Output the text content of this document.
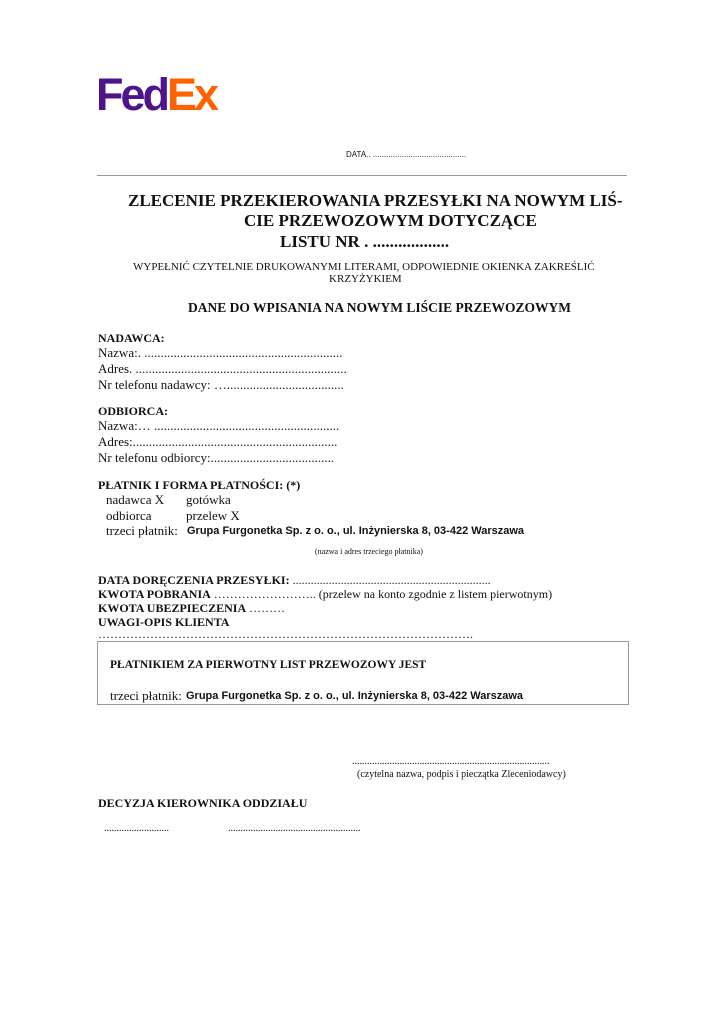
FedEx
DATA.. ..........................................
ZLECENIE PRZEKIEROWANIA PRZESYŁKI NA NOWYM LIŚ-
CIE PRZEWOZOWYM DOTYCZĄCE
LISTU NR . ..................
WYPEŁNIĆ CZYTELNIE DRUKOWANYMI LITERAMI, ODPOWIEDNIE OKIENKA ZAKREŚLIĆ
KRZYŻYKIEM
DANE DO WPISANIA NA NOWYM LIŚCIE PRZEWOZOWYM
NADAWCA:
Nazwa:. .............................................................
Adres. .................................................................
Nr telefonu nadawcy: …....................................
ODBIORCA:
Nazwa:… .........................................................
Adres:...............................................................
Nr telefonu odbiorcy:......................................
PŁATNIK I FORMA PŁATNOŚCI: (*)
nadawca X gotówka
odbiorca	przelew X
trzeci płatnik: Grupa Furgonetka Sp. z o. o., ul. Inżynierska 8, 03-422 Warszawa
(nazwa i adres trzeciego płatnika)
DATA DORĘCZENIA PRZESYŁKI: ..................................................................
KWOTA POBRANIA …………………….. (przelew na konto zgodnie z listem pierwotnym)
KWOTA UBEZPIECZENIA ………
UWAGI-OPIS KLIENTA
………………………………………………………………………………….
PŁATNIKIEM ZA PIERWOTNY LIST PRZEWOZOWY JEST
trzeci płatnik: Grupa Furgonetka Sp. z o. o., ul. Inżynierska 8, 03-422 Warszawa
...............................................................................
(czytelna nazwa, podpis i pieczątka Zleceniodawcy)
DECYZJA KIEROWNIKA ODDZIAŁU
..........................	.....................................................
